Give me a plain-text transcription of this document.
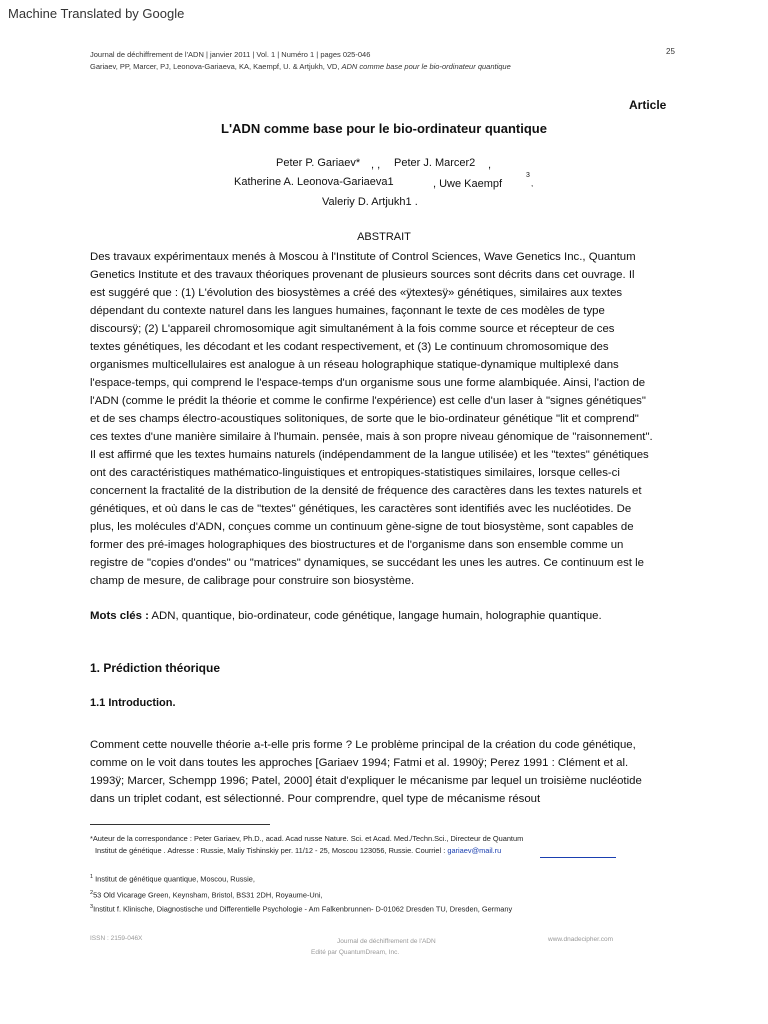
Machine Translated by Google
25
Journal de déchiffrement de l'ADN | janvier 2011 | Vol. 1 | Numéro 1 | pages 025-046
Gariaev, PP, Marcer, PJ, Leonova-Gariaeva, KA, Kaempf, U. & Artjukh, VD, ADN comme base pour le bio-ordinateur quantique
Article
L'ADN comme base pour le bio-ordinateur quantique
Peter P. Gariaev* , , Peter J. Marcer2 ,
Katherine A. Leonova-Gariaeva1	, Uwe Kaempf
3
,
Valeriy D. Artjukh1 .
ABSTRAIT
Des travaux expérimentaux menés à Moscou à l'Institute of Control Sciences, Wave Genetics Inc., Quantum
Genetics Institute et des travaux théoriques provenant de plusieurs sources sont décrits dans cet ouvrage. Il
est suggéré que : (1) L'évolution des biosystèmes a créé des «ÿtextesÿ» génétiques, similaires aux textes
dépendant du contexte naturel dans les langues humaines, façonnant le texte de ces modèles de type
discoursÿ; (2) L'appareil chromosomique agit simultanément à la fois comme source et récepteur de ces
textes génétiques, les décodant et les codant respectivement, et (3) Le continuum chromosomique des
organismes multicellulaires est analogue à un réseau holographique statique-dynamique multiplexé dans
l'espace-temps, qui comprend le l'espace-temps d'un organisme sous une forme alambiquée. Ainsi, l'action de
l'ADN (comme le prédit la théorie et comme le confirme l'expérience) est celle d'un laser à "signes génétiques"
et de ses champs électro-acoustiques solitoniques, de sorte que le bio-ordinateur génétique "lit et comprend"
ces textes d'une manière similaire à l'humain. pensée, mais à son propre niveau génomique de "raisonnement".
Il est affirmé que les textes humains naturels (indépendamment de la langue utilisée) et les "textes" génétiques
ont des caractéristiques mathématico-linguistiques et entropiques-statistiques similaires, lorsque celles-ci
concernent la fractalité de la distribution de la densité de fréquence des caractères dans les textes naturels et
génétiques, et où dans le cas de "textes" génétiques, les caractères sont identifiés avec les nucléotides. De
plus, les molécules d'ADN, conçues comme un continuum gène-signe de tout biosystème, sont capables de
former des pré-images holographiques des biostructures et de l'organisme dans son ensemble comme un
registre de "copies d'ondes" ou "matrices" dynamiques, se succédant les unes les autres. Ce continuum est le
champ de mesure, de calibrage pour construire son biosystème.
Mots clés : ADN, quantique, bio-ordinateur, code génétique, langage humain, holographie quantique.
1. Prédiction théorique
1.1 Introduction.
Comment cette nouvelle théorie a-t-elle pris forme ? Le problème principal de la création du code génétique,
comme on le voit dans toutes les approches [Gariaev 1994; Fatmi et al. 1990ÿ; Perez 1991 : Clément et al.
1993ÿ; Marcer, Schempp 1996; Patel, 2000] était d'expliquer le mécanisme par lequel un troisième nucléotide
dans un triplet codant, est sélectionné. Pour comprendre, quel type de mécanisme résout
*Auteur de la correspondance : Peter Gariaev, Ph.D., acad. Acad russe Nature. Sci. et Acad. Med./Techn.Sci., Directeur de Quantum
Institut de génétique . Adresse : Russie, Maliy Tishinskiy per. 11/12 - 25, Moscou 123056, Russie. Courriel : gariaev@mail.ru
$^1$ Institut de génétique quantique, Moscou, Russie,
$^2$53 Old Vicarage Green, Keynsham, Bristol, BS31 2DH, Royaume-Uni,
$^3$Institut f. Klinische, Diagnostische und Differentielle Psychologie - Am Falkenbrunnen- D-01062 Dresden TU, Dresden, Germany
ISSN : 2159-046X	Journal de déchiffrement de l'ADN
Edité par QuantumDream, Inc.
www.dnadecipher.com
